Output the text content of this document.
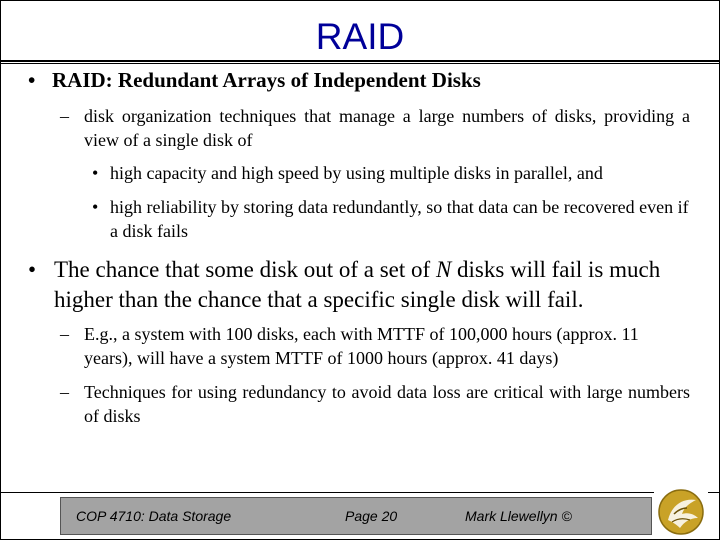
RAID
• RAID: Redundant Arrays of Independent Disks
– disk organization techniques that manage a large numbers of disks, providing a view of a single disk of
• high capacity and high speed by using multiple disks in parallel, and
• high reliability by storing data redundantly, so that data can be recovered even if a disk fails
• The chance that some disk out of a set of N disks will fail is much higher than the chance that a specific single disk will fail.
– E.g., a system with 100 disks, each with MTTF of 100,000 hours (approx. 11 years), will have a system MTTF of 1000 hours (approx. 41 days)
– Techniques for using redundancy to avoid data loss are critical with large numbers of disks
COP 4710: Data Storage	Page 20	Mark Llewellyn ©
